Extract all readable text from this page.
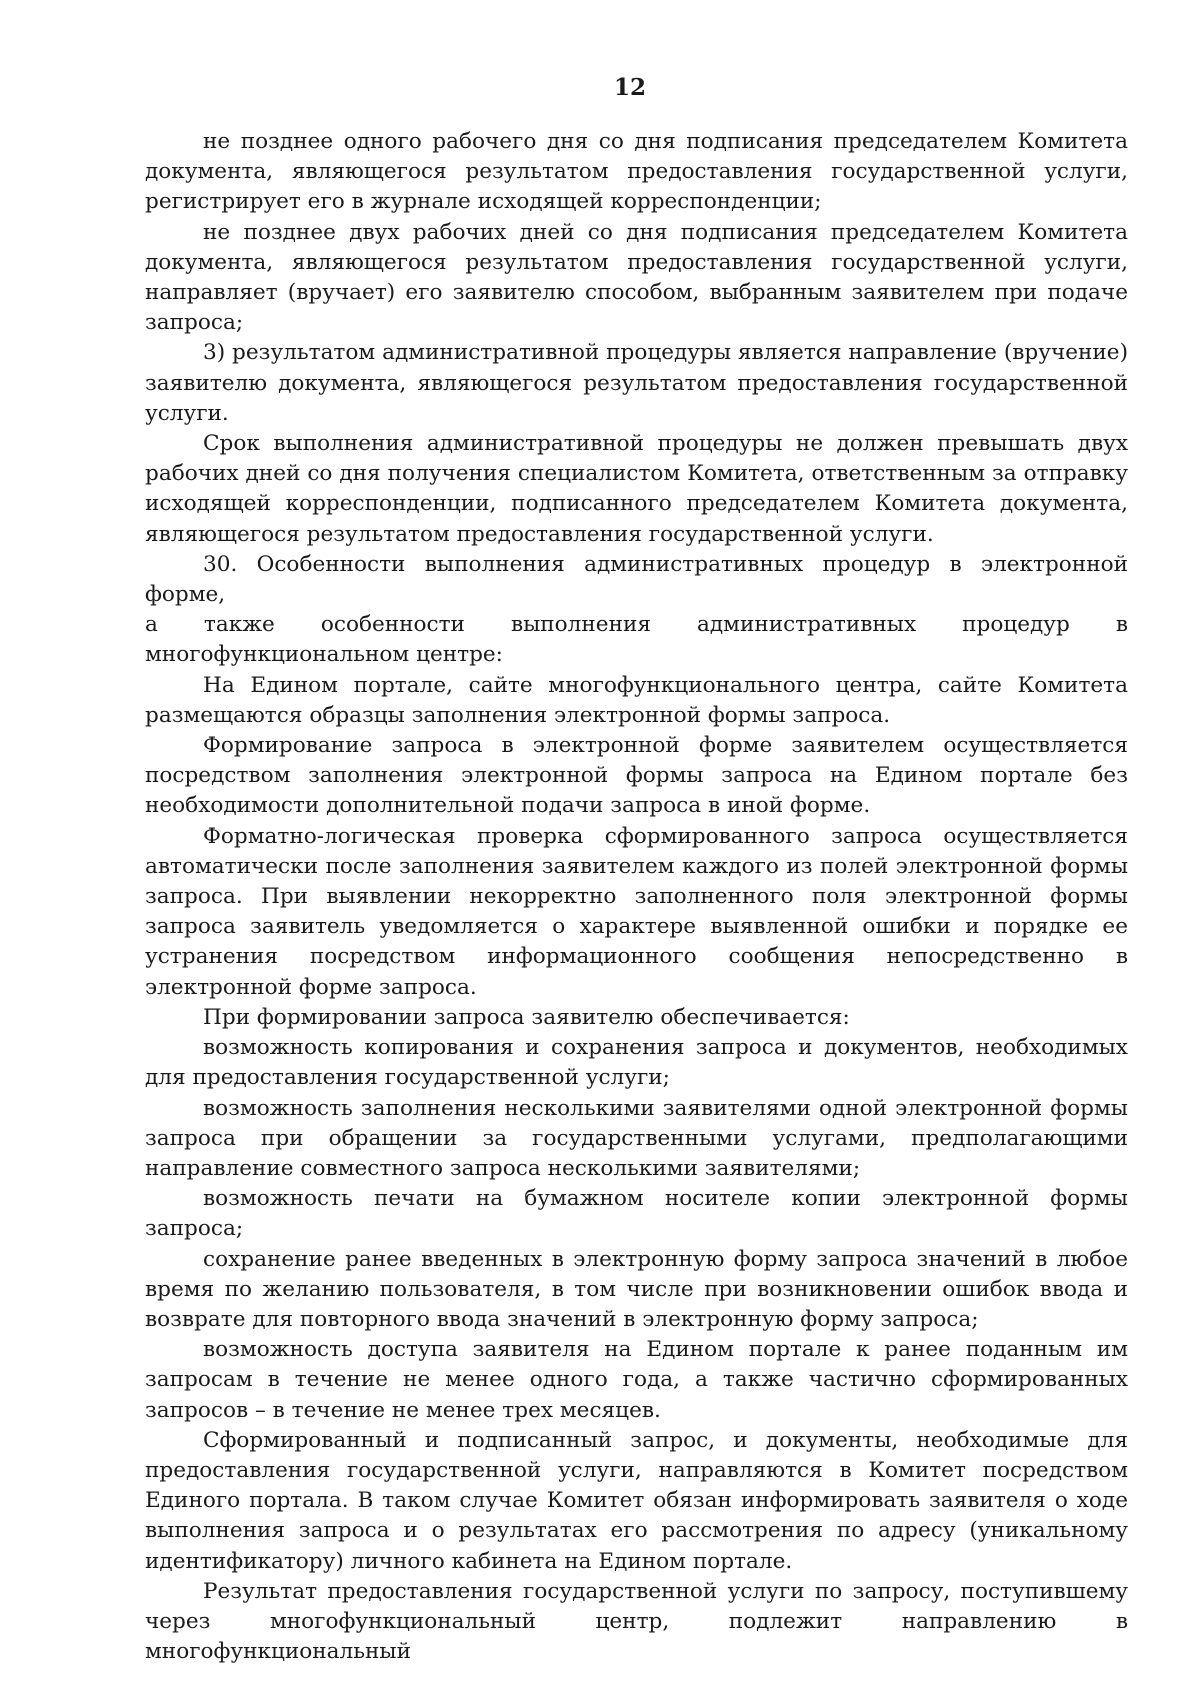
12

не позднее одного рабочего дня со дня подписания председателем Комитета документа, являющегося результатом предоставления государственной услуги, регистрирует его в журнале исходящей корреспонденции;

не позднее двух рабочих дней со дня подписания председателем Комитета документа, являющегося результатом предоставления государственной услуги, направляет (вручает) его заявителю способом, выбранным заявителем при подаче запроса;

3) результатом административной процедуры является направление (вручение) заявителю документа, являющегося результатом предоставления государственной услуги.

Срок выполнения административной процедуры не должен превышать двух рабочих дней со дня получения специалистом Комитета, ответственным за отправку исходящей корреспонденции, подписанного председателем Комитета документа, являющегося результатом предоставления государственной услуги.

30. Особенности выполнения административных процедур в электронной форме,

а также особенности выполнения административных процедур в

многофункциональном центре:

На Едином портале, сайте многофункционального центра, сайте Комитета размещаются образцы заполнения электронной формы запроса.

Формирование запроса в электронной форме заявителем осуществляется посредством заполнения электронной формы запроса на Едином портале без необходимости дополнительной подачи запроса в иной форме.

Форматно-логическая проверка сформированного запроса осуществляется автоматически после заполнения заявителем каждого из полей электронной формы запроса. При выявлении некорректно заполненного поля электронной формы запроса заявитель уведомляется о характере выявленной ошибки и порядке ее устранения посредством информационного сообщения непосредственно в электронной форме запроса.

При формировании запроса заявителю обеспечивается:

возможность копирования и сохранения запроса и документов, необходимых для предоставления государственной услуги;

возможность заполнения несколькими заявителями одной электронной формы запроса при обращении за государственными услугами, предполагающими направление совместного запроса несколькими заявителями;

возможность печати на бумажном носителе копии электронной формы запроса;

сохранение ранее введенных в электронную форму запроса значений в любое время по желанию пользователя, в том числе при возникновении ошибок ввода и возврате для повторного ввода значений в электронную форму запроса;

возможность доступа заявителя на Едином портале к ранее поданным им запросам в течение не менее одного года, а также частично сформированных запросов – в течение не менее трех месяцев.

Сформированный и подписанный запрос, и документы, необходимые для предоставления государственной услуги, направляются в Комитет посредством Единого портала. В таком случае Комитет обязан информировать заявителя о ходе выполнения запроса и о результатах его рассмотрения по адресу (уникальному идентификатору) личного кабинета на Едином портале.

Результат предоставления государственной услуги по запросу, поступившему через многофункциональный центр, подлежит направлению в многофункциональный
